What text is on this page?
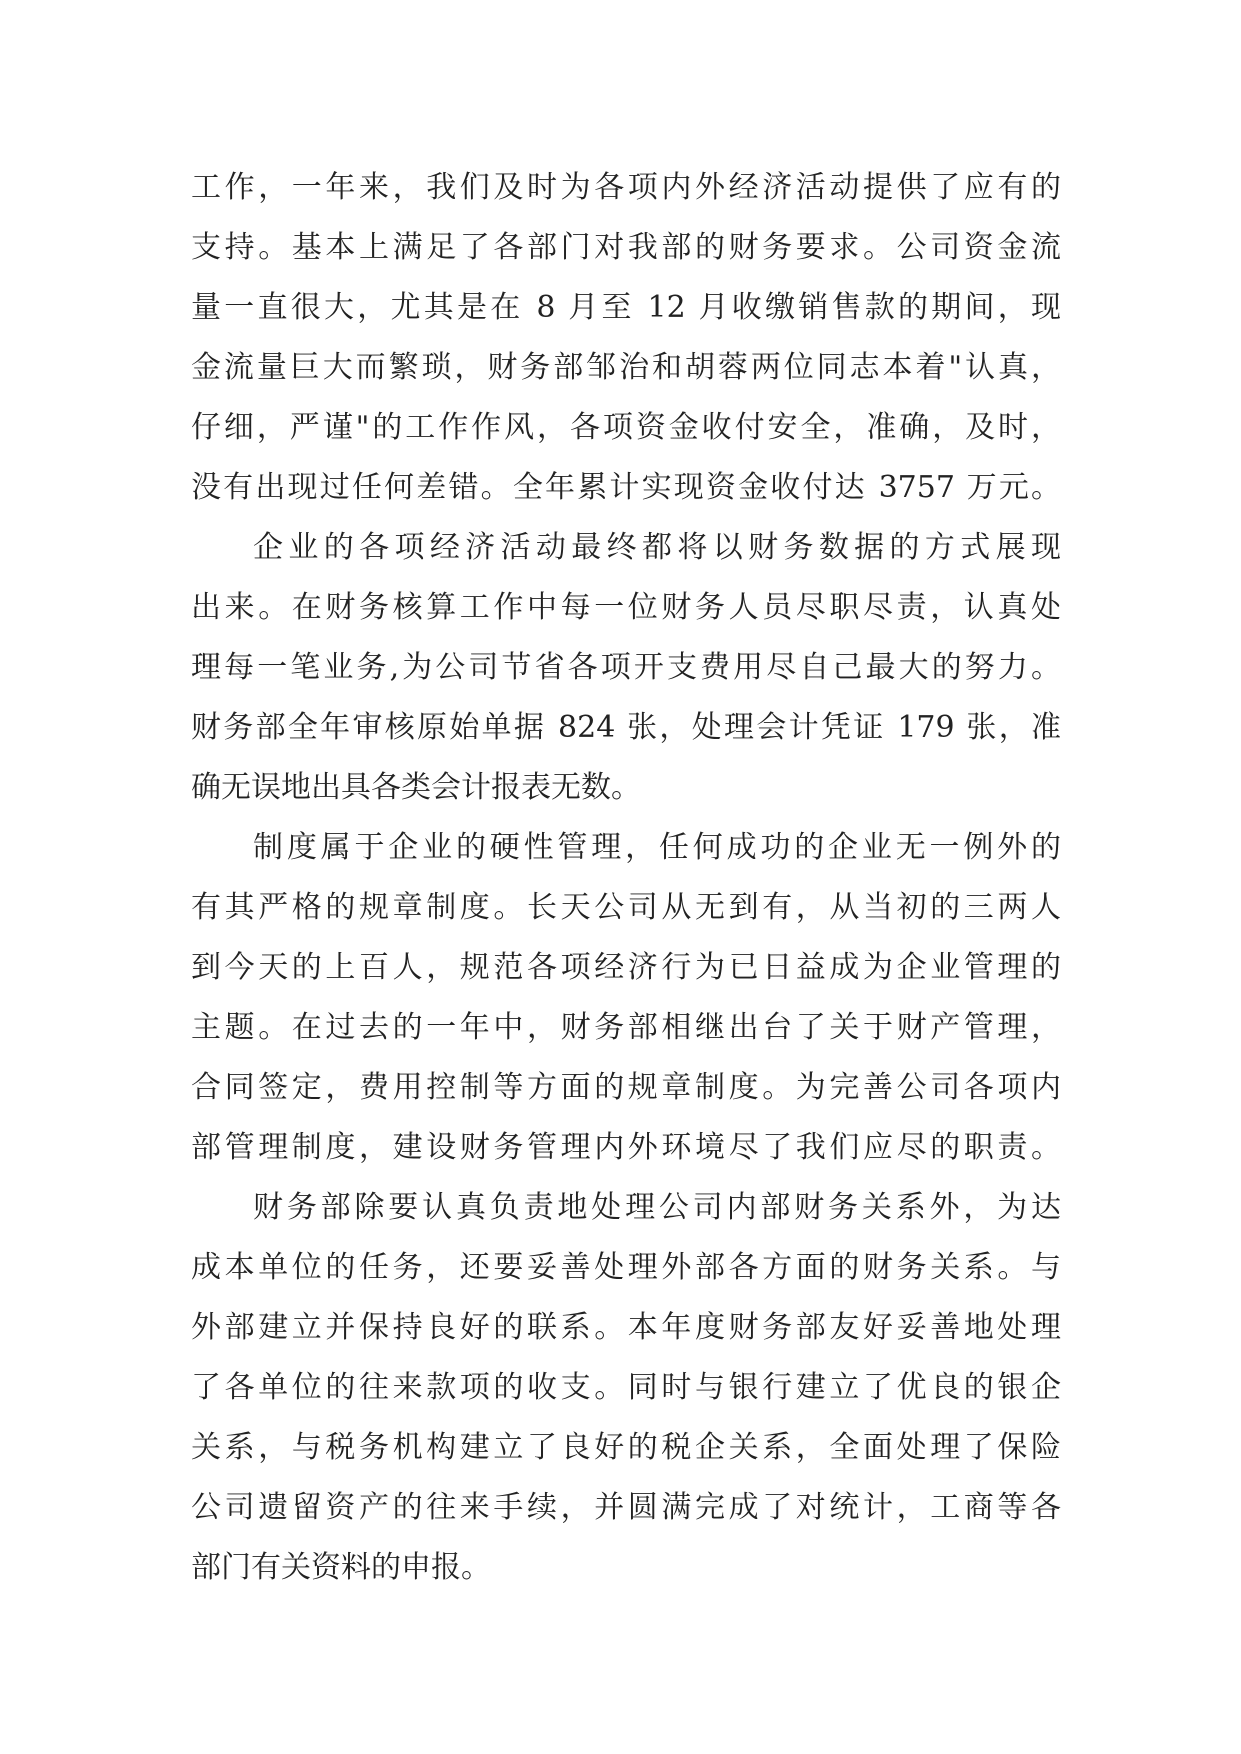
工作，一年来，我们及时为各项内外经济活动提供了应有的
支持。基本上满足了各部门对我部的财务要求。公司资金流
量一直很大，尤其是在 8 月至 12 月收缴销售款的期间，现
金流量巨大而繁琐，财务部邹治和胡蓉两位同志本着"认真，
仔细，严谨"的工作作风，各项资金收付安全，准确，及时，
没有出现过任何差错。全年累计实现资金收付达 3757 万元。
企业的各项经济活动最终都将以财务数据的方式展现
出来。在财务核算工作中每一位财务人员尽职尽责，认真处
理每一笔业务,为公司节省各项开支费用尽自己最大的努力。
财务部全年审核原始单据 824 张，处理会计凭证 179 张，准
确无误地出具各类会计报表无数。
制度属于企业的硬性管理，任何成功的企业无一例外的
有其严格的规章制度。长天公司从无到有，从当初的三两人
到今天的上百人，规范各项经济行为已日益成为企业管理的
主题。在过去的一年中，财务部相继出台了关于财产管理，
合同签定，费用控制等方面的规章制度。为完善公司各项内
部管理制度，建设财务管理内外环境尽了我们应尽的职责。
财务部除要认真负责地处理公司内部财务关系外，为达
成本单位的任务，还要妥善处理外部各方面的财务关系。与
外部建立并保持良好的联系。本年度财务部友好妥善地处理
了各单位的往来款项的收支。同时与银行建立了优良的银企
关系，与税务机构建立了良好的税企关系，全面处理了保险
公司遗留资产的往来手续，并圆满完成了对统计，工商等各
部门有关资料的申报。
